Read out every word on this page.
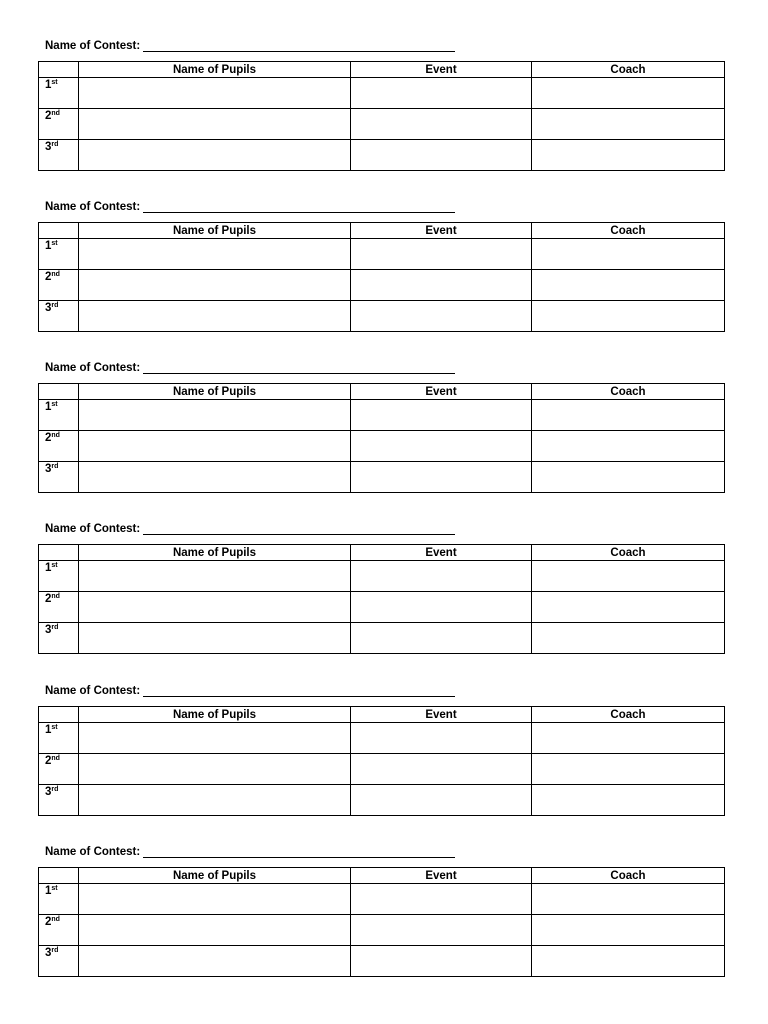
Name of Contest:
	Name of Pupils	Event	Coach
1st			
2nd			
3rd			
Name of Contest:
	Name of Pupils	Event	Coach
1st			
2nd			
3rd			
Name of Contest:
	Name of Pupils	Event	Coach
1st			
2nd			
3rd			
Name of Contest:
	Name of Pupils	Event	Coach
1st			
2nd			
3rd			
Name of Contest:
	Name of Pupils	Event	Coach
1st			
2nd			
3rd			
Name of Contest:
	Name of Pupils	Event	Coach
1st			
2nd			
3rd			
